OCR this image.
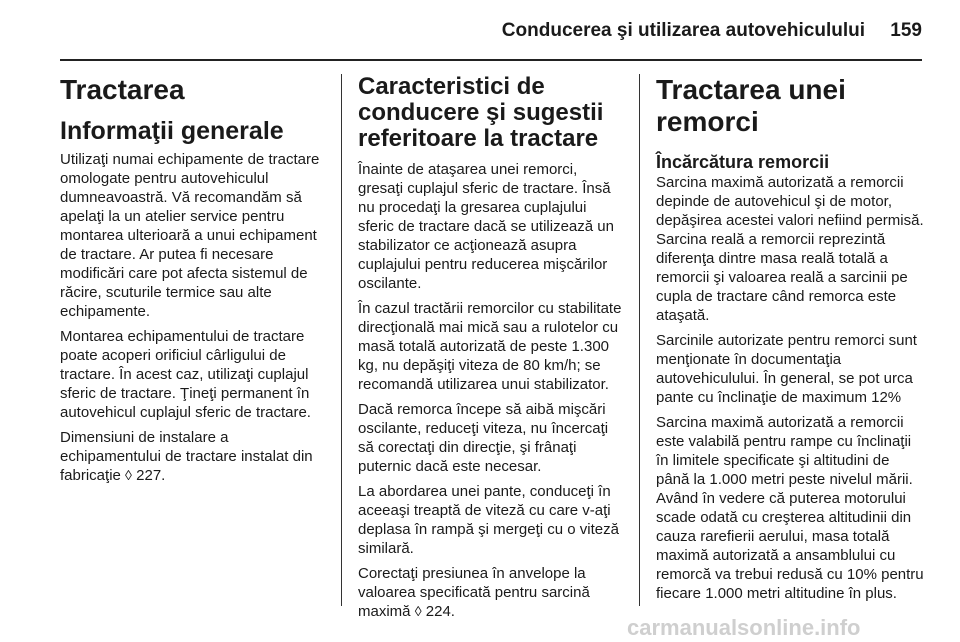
Conducerea şi utilizarea autovehiculului 159
Tractarea
Informaţii generale

Utilizaţi numai echipamente de tractare omologate pentru autovehiculul dumneavoastră. Vă recomandăm să apelaţi la un atelier service pentru montarea ulterioară a unui echipament de tractare. Ar putea fi necesare modificări care pot afecta sistemul de răcire, scuturile termice sau alte echipamente.

Montarea echipamentului de tractare poate acoperi orificiul cârligului de tractare. În acest caz, utilizaţi cuplajul sferic de tractare. Ţineţi permanent în autovehicul cuplajul sferic de tractare.

Dimensiuni de instalare a echipamentului de tractare instalat din fabricaţie ◊ 227.

Caracteristici de conducere şi sugestii referitoare la tractare

Înainte de ataşarea unei remorci, gresaţi cuplajul sferic de tractare. Însă nu procedaţi la gresarea cuplajului sferic de tractare dacă se utilizează un stabilizator ce acţionează asupra cuplajului pentru reducerea mişcărilor oscilante.

În cazul tractării remorcilor cu stabilitate direcţională mai mică sau a rulotelor cu masă totală autorizată de peste 1.300 kg, nu depăşiţi viteza de 80 km/h; se recomandă utilizarea unui stabilizator.

Dacă remorca începe să aibă mişcări oscilante, reduceţi viteza, nu încercaţi să corectaţi din direcţie, şi frânaţi puternic dacă este necesar.

La abordarea unei pante, conduceţi în aceeaşi treaptă de viteză cu care v-aţi deplasa în rampă şi mergeţi cu o viteză similară.

Corectaţi presiunea în anvelope la valoarea specificată pentru sarcină maximă ◊ 224.

Tractarea unei remorci
Încărcătura remorcii

Sarcina maximă autorizată a remorcii depinde de autovehicul şi de motor, depăşirea acestei valori nefiind permisă. Sarcina reală a remorcii reprezintă diferenţa dintre masa reală totală a remorcii şi valoarea reală a sarcinii pe cupla de tractare când remorca este ataşată.

Sarcinile autorizate pentru remorci sunt menţionate în documentaţia autovehiculului. În general, se pot urca pante cu înclinaţie de maximum 12%

Sarcina maximă autorizată a remorcii este valabilă pentru rampe cu înclinaţii în limitele specificate şi altitudini de până la 1.000 metri peste nivelul mării. Având în vedere că puterea motorului scade odată cu creşterea altitudinii din cauza rarefierii aerului, masa totală maximă autorizată a ansamblului cu remorcă va trebui redusă cu 10% pentru fiecare 1.000 metri altitudine în plus.

carmanualsonline.info
